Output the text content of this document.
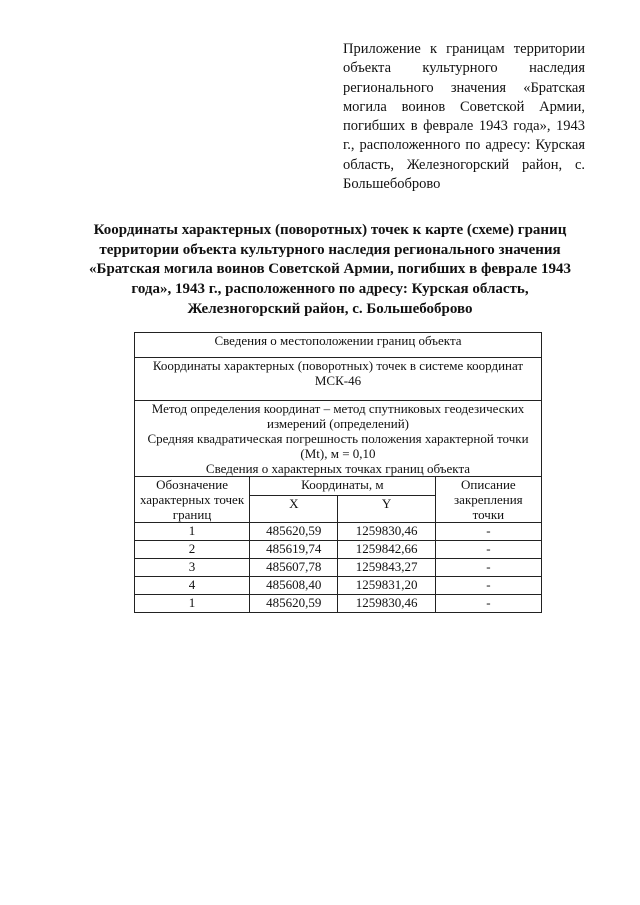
Приложение к границам территории объекта культурного наследия регионального значения «Братская могила воинов Советской Армии, погибших в феврале 1943 года», 1943 г., расположенного по адресу: Курская область, Железногорский район, с. Большебоброво
Координаты характерных (поворотных) точек к карте (схеме) границ территории объекта культурного наследия регионального значения «Братская могила воинов Советской Армии, погибших в феврале 1943 года», 1943 г., расположенного по адресу: Курская область, Железногорский район, с. Большебоброво
Сведения о местоположении границ объекта			
Координаты характерных (поворотных) точек в системе координат МСК-46			

Метод определения координат – метод спутниковых геодезических измерений (определений)
Средняя квадратическая погрешность положения характерной точки (Mt), м = 0,10
Сведения о характерных точках границ объекта			

Обозначение характерных точек границ	Координаты, м		Описание закрепления точки
	X	Y	
1	485620,59	1259830,46	-
2	485619,74	1259842,66	-
3	485607,78	1259843,27	-
4	485608,40	1259831,20	-
1	485620,59	1259830,46	-
